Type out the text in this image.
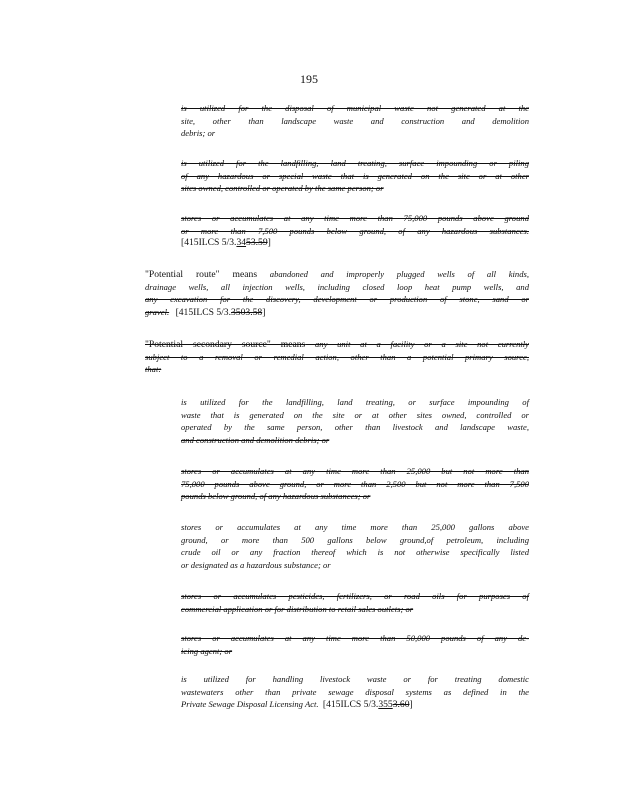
195
is utilized for the disposal of municipal waste not generated at the
site, other than landscape waste and construction and demolition
debris; or
is utilized for the landfilling, land treating, surface impounding or piling
of any hazardous or special waste that is generated on the site or at other
sites owned, controlled or operated by the same person; or
stores or accumulates at any time more than 75,000 pounds above ground
or more than 7,500 pounds below ground, of any hazardous substances.
[415ILCS 5/3.3453.59]
"Potential route" means abandoned and improperly plugged wells of all kinds,
drainage wells, all injection wells, including closed loop heat pump wells, and
any excavation for the discovery, development or production of stone, sand or
gravel. [415ILCS 5/3.3503.58]
"Potential secondary source" means any unit at a facility or a site not currently
subject to a removal or remedial action, other than a potential primary source,
that:
is utilized for the landfilling, land treating, or surface impounding of
waste that is generated on the site or at other sites owned, controlled or
operated by the same person, other than livestock and landscape waste,
and construction and demolition debris; or
stores or accumulates at any time more than 25,000 but not more than
75,000 pounds above ground, or more than 2,500 but not more than 7,500
pounds below ground, of any hazardous substances; or
stores or accumulates at any time more than 25,000 gallons above
ground, or more than 500 gallons below ground,of petroleum, including
crude oil or any fraction thereof which is not otherwise specifically listed
or designated as a hazardous substance; or
stores or accumulates pesticides, fertilizers, or road oils for purposes of
commercial application or for distribution to retail sales outlets; or
stores or accumulates at any time more than 50,000 pounds of any de-
icing agent; or
is utilized for handling livestock waste or for treating domestic
wastewaters other than private sewage disposal systems as defined in the
Private Sewage Disposal Licensing Act. [415ILCS 5/3.3553.60]
